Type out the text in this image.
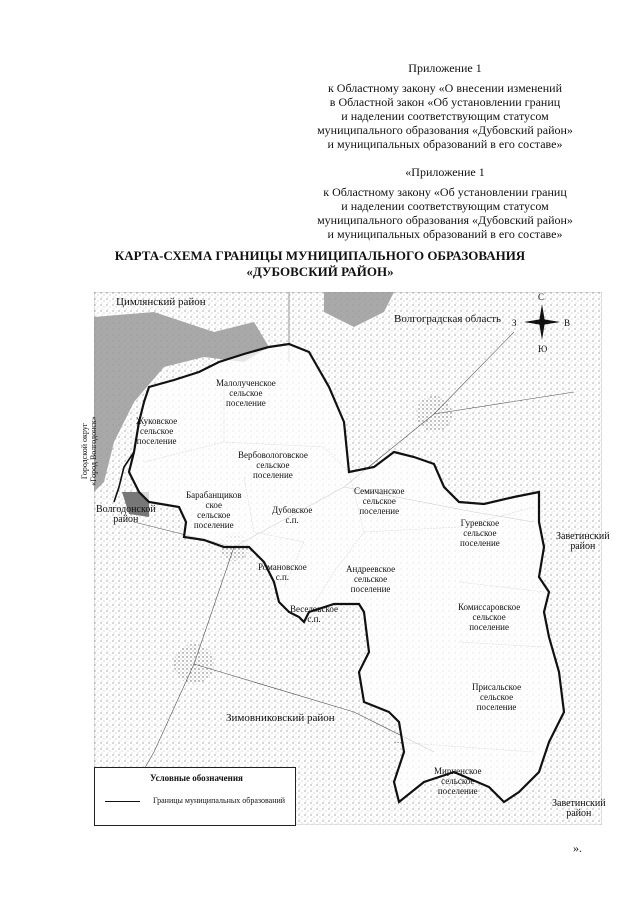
Приложение 1
к Областному закону «О внесении изменений
в Областной закон «Об установлении границ
и наделении соответствующим статусом
муниципального образования «Дубовский район»
и муниципальных образований в его составе»
«Приложение 1
к Областному закону «Об установлении границ
и наделении соответствующим статусом
муниципального образования «Дубовский район»
и муниципальных образований в его составе»
КАРТА-СХЕМА ГРАНИЦЫ МУНИЦИПАЛЬНОГО ОБРАЗОВАНИЯ
«ДУБОВСКИЙ РАЙОН»
С
Ю
З	В
Цимлянский район
Волгоградская область
Городской округ «Город Волгодонск»
Волгодонской
район
Заветинский
район
Зимовниковский район
Заветинский
район
Малолученское
сельское
поселение
Жуковское
сельское
поселение
Вербовологовское
сельское
поселение
Барабанщиков
ское
сельское
поселение
Дубовское
с.п.
Семичанское
сельское
поселение
Гуревское
сельское
поселение
Романовское
с.п.
Андреевское
сельское
поселение
Веселовское
с.п.
Комиссаровское
сельское
поселение
Присальское
сельское
поселение
Мирненское
сельское
поселение
Условные обозначения
Границы муниципальных образований
».
